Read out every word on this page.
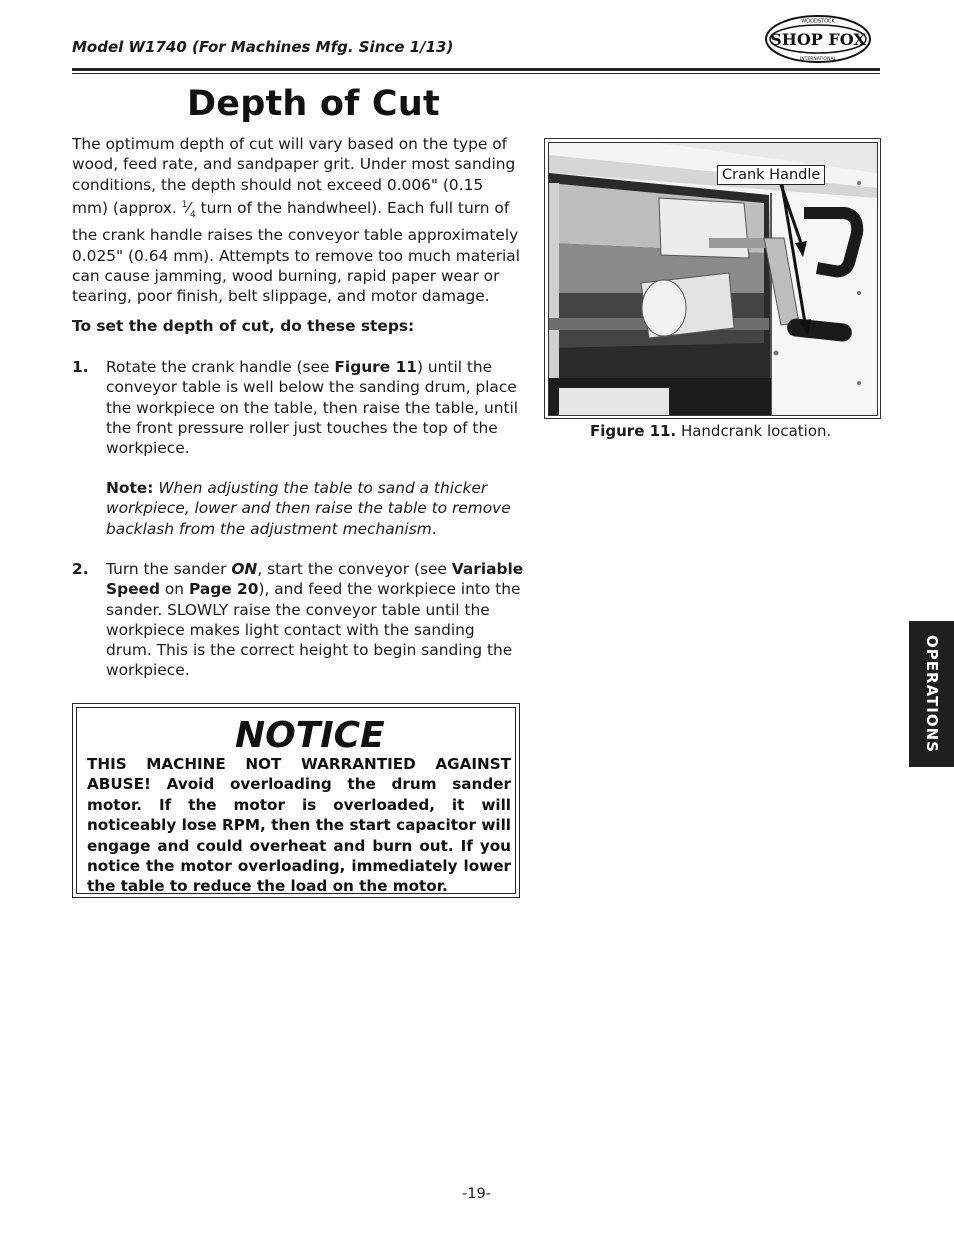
Model W1740 (For Machines Mfg. Since 1/13)	SHOP FOX
WOODSTOCK
INTERNATIONAL
Depth of Cut
The optimum depth of cut will vary based on the type of wood, feed rate, and sandpaper grit. Under most sanding conditions, the depth should not exceed 0.006" (0.15 mm) (approx. $^1⁄_4$ turn of the handwheel). Each full turn of the crank handle raises the conveyor table approximately 0.025" (0.64 mm). Attempts to remove too much material can cause jamming, wood burning, rapid paper wear or tearing, poor finish, belt slippage, and motor damage.
To set the depth of cut, do these steps:
1. Rotate the crank handle (see Figure 11) until the conveyor table is well below the sanding drum, place the workpiece on the table, then raise the table, until the front pressure roller just touches the top of the workpiece.
Note: When adjusting the table to sand a thicker workpiece, lower and then raise the table to remove backlash from the adjustment mechanism.
2. Turn the sander ON, start the conveyor (see Variable Speed on Page 20), and feed the workpiece into the sander. SLOWLY raise the conveyor table until the workpiece makes light contact with the sanding drum. This is the correct height to begin sanding the workpiece.
NOTICE
THIS MACHINE NOT WARRANTIED AGAINST ABUSE! Avoid overloading the drum sander motor. If the motor is overloaded, it will noticeably lose RPM, then the start capacitor will engage and could overheat and burn out. If you notice the motor overloading, immediately lower the table to reduce the load on the motor.
Crank Handle
Figure 11. Handcrank location.
OPERATIONS
-19-
